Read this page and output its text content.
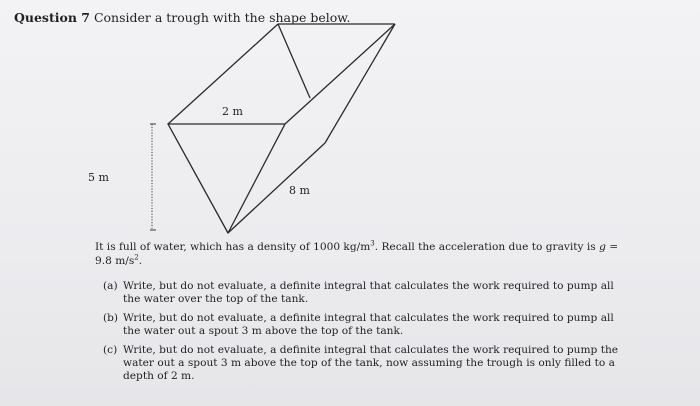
Question 7 Consider a trough with the shape below.
2 m
5 m
8 m
It is full of water, which has a density of 1000 $kg/m^3$. Recall the acceleration due to gravity is g = 9.8 $m/s^2$.
(a) Write, but do not evaluate, a definite integral that calculates the work required to pump all the water over the top of the tank.
(b) Write, but do not evaluate, a definite integral that calculates the work required to pump all the water out a spout 3 m above the top of the tank.
(c) Write, but do not evaluate, a definite integral that calculates the work required to pump the water out a spout 3 m above the top of the tank, now assuming the trough is only filled to a depth of 2 m.
